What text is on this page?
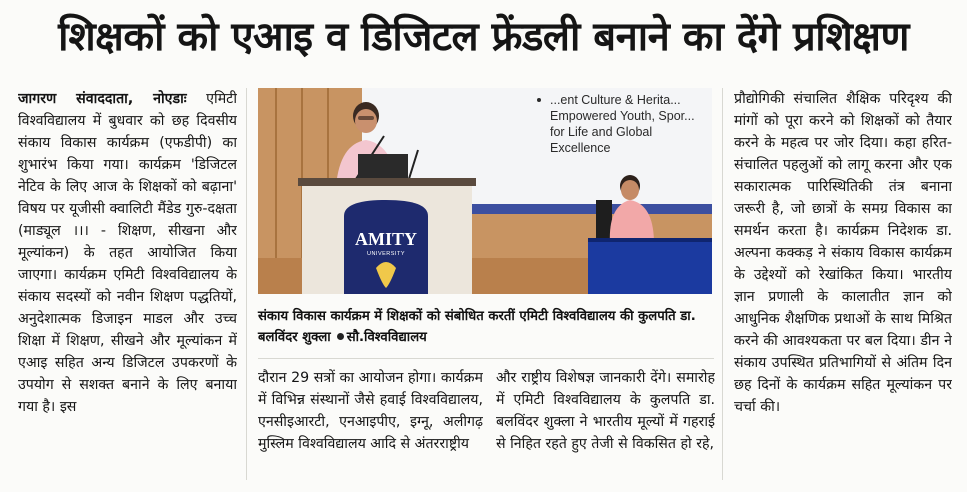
शिक्षकों को एआइ व डिजिटल फ्रेंडली बनाने का देंगे प्रशिक्षण

जागरण संवाददाता, नोएडाः एमिटी विश्वविद्यालय में बुधवार को छह दिवसीय संकाय विकास कार्यक्रम (एफडीपी) का शुभारंभ किया गया। कार्यक्रम 'डिजिटल नेटिव के लिए आज के शिक्षकों को बढ़ाना' विषय पर यूजीसी क्वालिटी मैंडेड गुरु-दक्षता (माड्यूल ।।। - शिक्षण, सीखना और मूल्यांकन) के तहत आयोजित किया जाएगा। कार्यक्रम एमिटी विश्वविद्यालय के संकाय सदस्यों को नवीन शिक्षण पद्धतियों, अनुदेशात्मक डिजाइन माडल और उच्च शिक्षा में शिक्षण, सीखने और मूल्यांकन में एआइ सहित अन्य डिजिटल उपकरणों के उपयोग से सशक्त बनाने के लिए बनाया गया है। इस

...ent Culture & Herita...
Empowered Youth, Spor...
for Life and Global
Excellence
AMITY
UNIVERSITY
संकाय विकास कार्यक्रम में शिक्षकों को संबोधित करतीं एमिटी विश्वविद्यालय की कुलपति डा. बलविंदर शुक्ला सौ.विश्वविद्यालय

दौरान 29 सत्रों का आयोजन होगा। कार्यक्रम में विभिन्न संस्थानों जैसे हवाई विश्वविद्यालय, एनसीइआरटी, एनआइपीए, इग्नू, अलीगढ़ मुस्लिम विश्वविद्यालय आदि से अंतरराष्ट्रीय

और राष्ट्रीय विशेषज्ञ जानकारी देंगे। समारोह में एमिटी विश्वविद्यालय के कुलपति डा. बलविंदर शुक्ला ने भारतीय मूल्यों में गहराई से निहित रहते हुए तेजी से विकसित हो रहे,

प्रौद्योगिकी संचालित शैक्षिक परिदृश्य की मांगों को पूरा करने को शिक्षकों को तैयार करने के महत्व पर जोर दिया। कहा हरित-संचालित पहलुओं को लागू करना और एक सकारात्मक पारिस्थितिकी तंत्र बनाना जरूरी है, जो छात्रों के समग्र विकास का समर्थन करता है। कार्यक्रम निदेशक डा. अल्पना कक्कड़ ने संकाय विकास कार्यक्रम के उद्देश्यों को रेखांकित किया। भारतीय ज्ञान प्रणाली के कालातीत ज्ञान को आधुनिक शैक्षणिक प्रथाओं के साथ मिश्रित करने की आवश्यकता पर बल दिया। डीन ने संकाय उपस्थित प्रतिभागियों से अंतिम दिन छह दिनों के कार्यक्रम सहित मूल्यांकन पर चर्चा की।
